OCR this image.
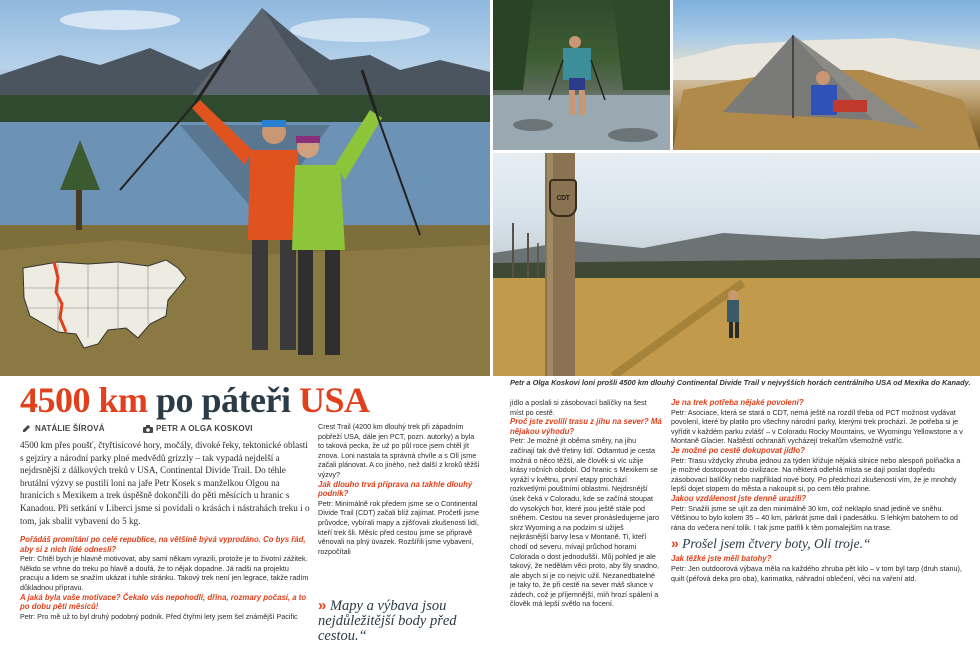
CDT
4500 km po páteři USA
NATÁLIE ŠÍROVÁ	PETR A OLGA KOSKOVI
4500 km přes poušť, čtyřtisícové hory, močály, divoké řeky, tektonické oblasti s gejzíry a národní parky plné medvědů grizzly – tak vypadá nejdelší a nejdrsnější z dálkových treků v USA, Continental Divide Trail. Do téhle brutální výzvy se pustili loni na jaře Petr Kosek s manželkou Olgou na hranicích s Mexikem a trek úspěšně dokončili do pěti měsících u hranic s Kanadou. Při setkání v Liberci jsme si povídali o krásách i nástrahách treku i o tom, jak sbalit vybavení do 5 kg.

Pořádáš promítání po celé republice, na většině bývá vyprodáno. Co bys řád, aby si z nich lidé odnesli?

Petr: Chtěl bych je hlavně motivovat, aby sami někam vyrazili, protože je to životní zážitek. Někdo se vrhne do treku po hlavě a doufá, že to nějak dopadne. Já radši na projektu pracuju a lidem se snažím ukázat i tuhle stránku. Takový trek není jen legrace, takže radím důkladnou přípravu.

A jaká byla vaše motivace? Čekalo vás nepohodlí, dřina, rozmary počasí, a to po dobu pěti měsíců!

Petr: Pro mě už to byl druhý podobný podnik. Před čtyřmi lety jsem šel známější Pacific

Crest Trail (4200 km dlouhý trek při západním pobřeží USA, dále jen PCT, pozn. autorky) a byla to taková pecka, že už po půl roce jsem chtěl jít znova. Loni nastala ta správná chvíle a s Olí jsme začali plánovat. A co jiného, než další z kroků těžší výzvy?

Jak dlouho trvá příprava na takhle dlouhý podnik?

Petr: Minimálně rok předem jsme se o Continental Divide Trail (CDT) začali blíž zajímat. Pročetli jsme průvodce, vybírali mapy a zjišťovali zkušenosti lidí, kteří trek šli. Měsíc před cestou jsme se připravě věnovali na plný úvazek. Rozšířili jsme vybavení, rozpočítali

» Mapy a výbava jsou nejdůležitější body před cestou.“

jídlo a poslali si zásobovací balíčky na šest míst po cestě.

Proč jste zvolili trasu z jihu na sever? Má nějakou výhodu?

Petr: Je možné jít oběma směry, na jihu začínají tak dvě třetiny lidí. Odtamtud je cesta možná o něco těžší, ale člověk si víc užije krásy ročních období. Od hranic s Mexikem se vyráží v květnu, první etapy prochází rozkvetlými pouštními oblastmi. Nejdrsnější úsek čeká v Coloradu, kde se začíná stoupat do vysokých hor, které jsou ještě stále pod sněhem. Cestou na sever pronásledujeme jaro skrz Wyoming a na podzim si užiješ nejkrásnější barvy lesa v Montaně. Ti, kteří chodí od severu, mívají průchod horami Colorada o dost jednodušší. Můj pohled je ale takový, že nedělám věci proto, aby šly snadno, ale abych si je co nejvíc užil. Nezanedbatelné je taky to, že při cestě na sever máš slunce v zádech, což je příjemnější, míň hrozí spálení a člověk má lepší světlo na focení.

Je na trek potřeba nějaké povolení?

Petr: Asociace, která se stará o CDT, nemá ještě na rozdíl třeba od PCT možnost vydávat povolení, které by platilo pro všechny národní parky, kterými trek prochází. Je potřeba si je vyřídit v každém parku zvlášť – v Coloradu Rocky Mountains, ve Wyomingu Yellowstone a v Montaně Glacier. Naštěstí ochranáři vycházejí trekařům všemožně vstříc.

Je možné po cestě dokupovat jídlo?

Petr: Trasu vždycky zhruba jednou za týden křižuje nějaká silnice nebo alespoň polňačka a je možné dostopovat do civilizace. Na některá odlehlá místa se dají poslat dopředu zásobovací balíčky nebo například nové boty. Po předchozí zkušenosti vím, že je mnohdy lepší dojet stopem do města a nakoupit si, po cem tělo prahne.

Jakou vzdálenost jste denně urazili?

Petr: Snažili jsme se ujít za den minimálně 30 km, což neklaplo snad jedině ve sněhu. Většinou to bylo kolem 35 – 40 km, párkrát jsme dali i padesátku. S lehkým batohem to od rána do večera není tolik. I tak jsme patřili k těm pomalejším na trase.

» Prošel jsem čtvery boty, Oli troje.“

Jak těžké jste měli batohy?

Petr: Jen outdoorová výbava měla na každého zhruba pět kilo – v tom byl tarp (druh stanu), quilt (péřová deka pro oba), karimatka, náhradní oblečení, věci na vaření atd.

Petr a Olga Koskovi loni prošli 4500 km dlouhý Continental Divide Trail v nejvyšších horách centrálního USA od Mexika do Kanady.
